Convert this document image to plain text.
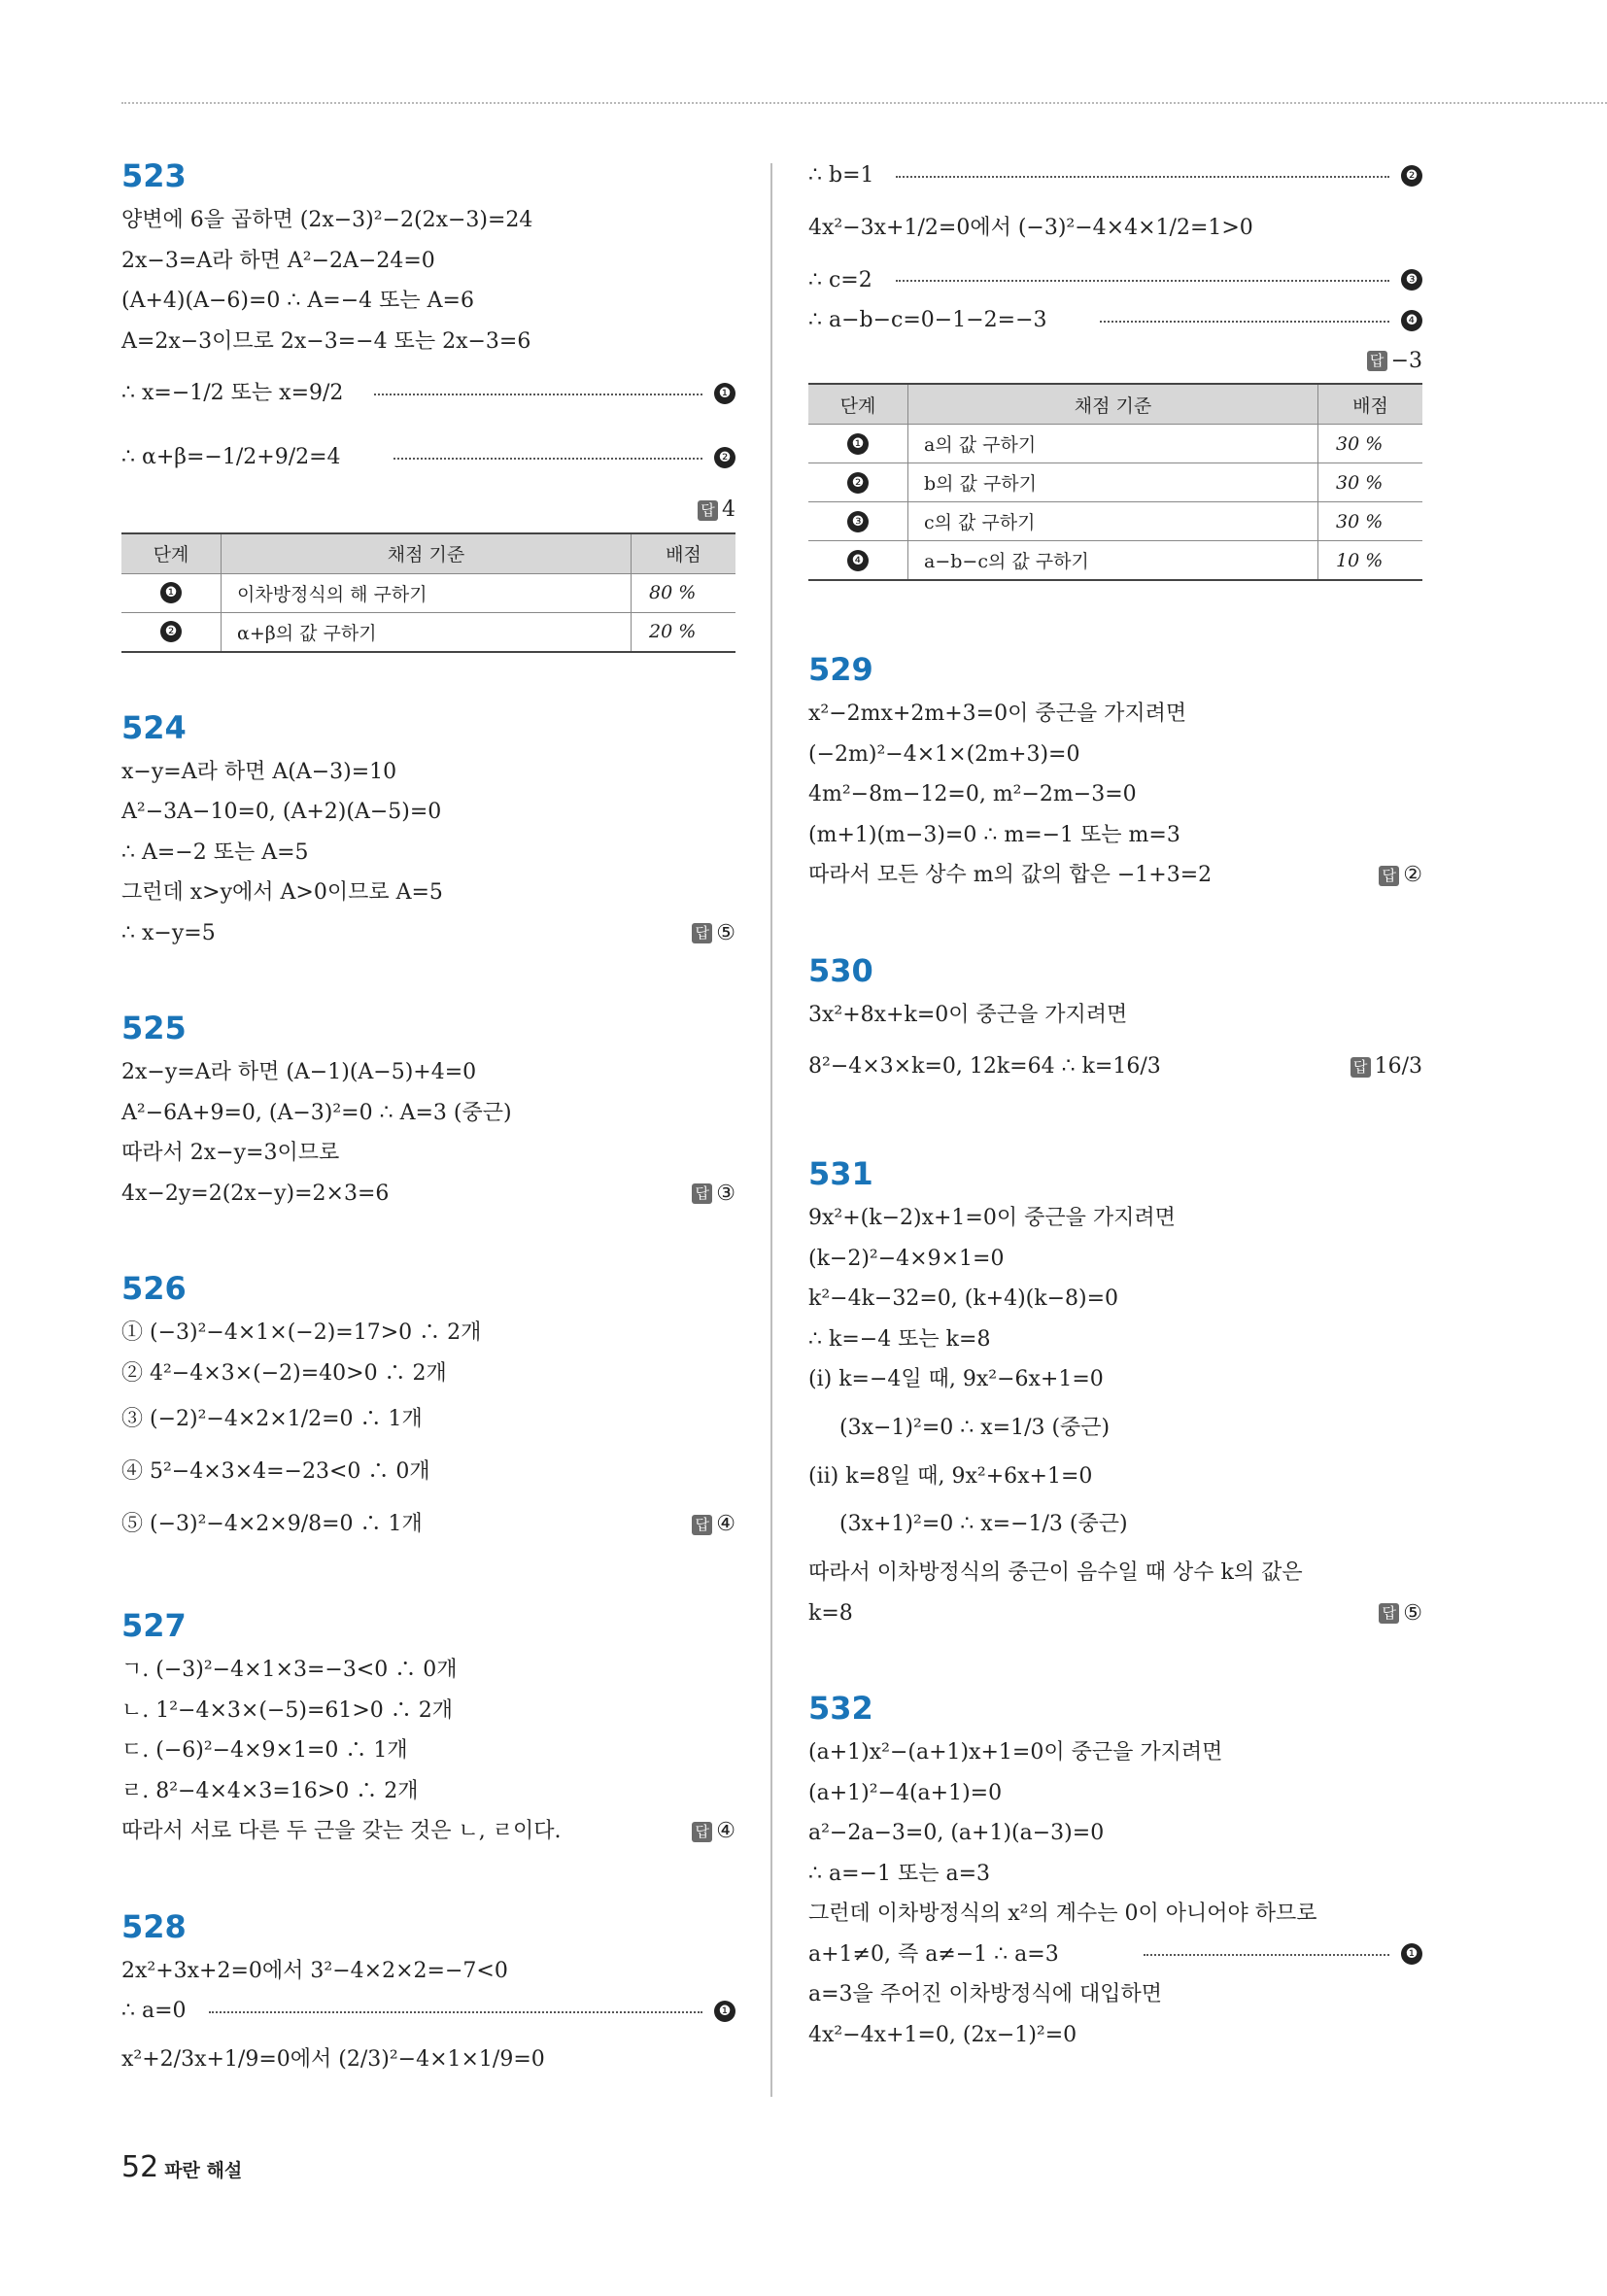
523
양변에 6을 곱하면 (2x−3)²−2(2x−3)=24
2x−3=A라 하면 A²−2A−24=0
(A+4)(A−6)=0 ∴ A=−4 또는 A=6
A=2x−3이므로 2x−3=−4 또는 2x−3=6
∴ x=−1/2 또는 x=9/2	❶
∴ α+β=−1/2+9/2=4	❷
답 4
단계	채점 기준	배점
❶	이차방정식의 해 구하기	80 %
❷	α+β의 값 구하기	20 %
524
x−y=A라 하면 A(A−3)=10
A²−3A−10=0, (A+2)(A−5)=0
∴ A=−2 또는 A=5
그런데 x>y에서 A>0이므로 A=5
∴ x−y=5	답 ⑤
525
2x−y=A라 하면 (A−1)(A−5)+4=0
A²−6A+9=0, (A−3)²=0 ∴ A=3 (중근)
따라서 2x−y=3이므로
4x−2y=2(2x−y)=2×3=6	답 ③
526
① (−3)²−4×1×(−2)=17>0 ∴ 2개
② 4²−4×3×(−2)=40>0 ∴ 2개
③ (−2)²−4×2×1/2=0 ∴ 1개
④ 5²−4×3×4=−23<0 ∴ 0개
⑤ (−3)²−4×2×9/8=0 ∴ 1개	답 ④
527
ㄱ. (−3)²−4×1×3=−3<0 ∴ 0개
ㄴ. 1²−4×3×(−5)=61>0 ∴ 2개
ㄷ. (−6)²−4×9×1=0 ∴ 1개
ㄹ. 8²−4×4×3=16>0 ∴ 2개
따라서 서로 다른 두 근을 갖는 것은 ㄴ, ㄹ이다.	답 ④
528
2x²+3x+2=0에서 3²−4×2×2=−7<0
∴ a=0	❶
x²+2/3x+1/9=0에서 (2/3)²−4×1×1/9=0
∴ b=1	❷
4x²−3x+1/2=0에서 (−3)²−4×4×1/2=1>0
∴ c=2	❸
∴ a−b−c=0−1−2=−3	❹
답 −3
단계	채점 기준	배점
❶	a의 값 구하기	30 %
❷	b의 값 구하기	30 %
❸	c의 값 구하기	30 %
❹	a−b−c의 값 구하기	10 %
529
x²−2mx+2m+3=0이 중근을 가지려면
(−2m)²−4×1×(2m+3)=0
4m²−8m−12=0, m²−2m−3=0
(m+1)(m−3)=0 ∴ m=−1 또는 m=3
따라서 모든 상수 m의 값의 합은 −1+3=2	답 ②
530
3x²+8x+k=0이 중근을 가지려면
8²−4×3×k=0, 12k=64 ∴ k=16/3	답 16/3
531
9x²+(k−2)x+1=0이 중근을 가지려면
(k−2)²−4×9×1=0
k²−4k−32=0, (k+4)(k−8)=0
∴ k=−4 또는 k=8
(ⅰ) k=−4일 때, 9x²−6x+1=0
(3x−1)²=0 ∴ x=1/3 (중근)
(ⅱ) k=8일 때, 9x²+6x+1=0
(3x+1)²=0 ∴ x=−1/3 (중근)
따라서 이차방정식의 중근이 음수일 때 상수 k의 값은
k=8	답 ⑤
532
(a+1)x²−(a+1)x+1=0이 중근을 가지려면
(a+1)²−4(a+1)=0
a²−2a−3=0, (a+1)(a−3)=0
∴ a=−1 또는 a=3
그런데 이차방정식의 x²의 계수는 0이 아니어야 하므로
a+1≠0, 즉 a≠−1 ∴ a=3	❶
a=3을 주어진 이차방정식에 대입하면
4x²−4x+1=0, (2x−1)²=0
52 파란 해설
